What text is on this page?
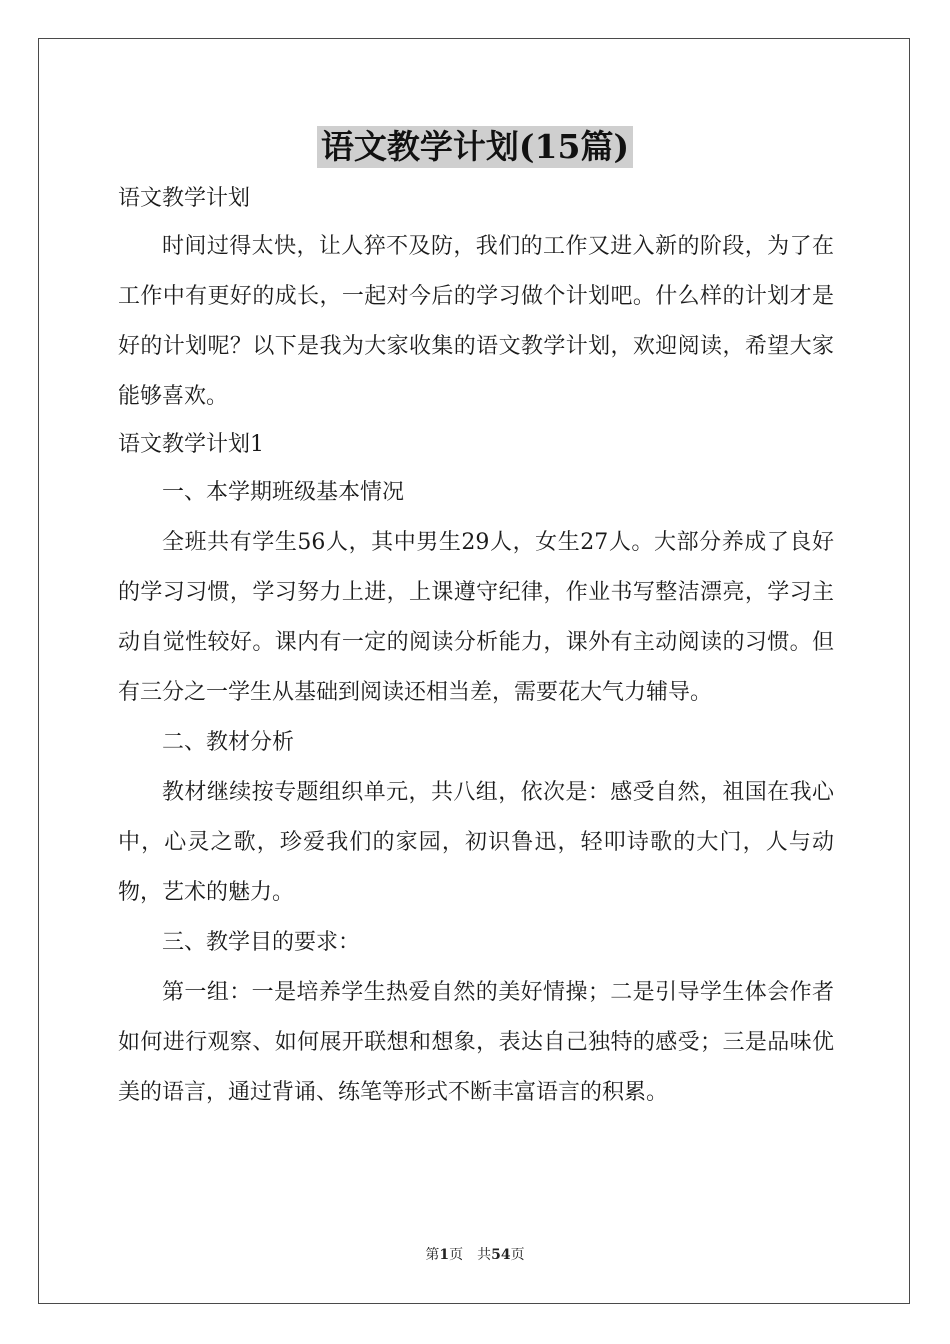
语文教学计划(15篇)

语文教学计划

时间过得太快，让人猝不及防，我们的工作又进入新的阶段，为了在工作中有更好的成长，一起对今后的学习做个计划吧。什么样的计划才是好的计划呢？以下是我为大家收集的语文教学计划，欢迎阅读，希望大家能够喜欢。

语文教学计划1

一、本学期班级基本情况

全班共有学生56人，其中男生29人，女生27人。大部分养成了良好的学习习惯，学习努力上进，上课遵守纪律，作业书写整洁漂亮，学习主动自觉性较好。课内有一定的阅读分析能力，课外有主动阅读的习惯。但有三分之一学生从基础到阅读还相当差，需要花大气力辅导。

二、教材分析

教材继续按专题组织单元，共八组，依次是：感受自然，祖国在我心中，心灵之歌，珍爱我们的家园，初识鲁迅，轻叩诗歌的大门，人与动物，艺术的魅力。

三、教学目的要求：

第一组：一是培养学生热爱自然的美好情操；二是引导学生体会作者如何进行观察、如何展开联想和想象，表达自己独特的感受；三是品味优美的语言，通过背诵、练笔等形式不断丰富语言的积累。

第1页 共54页
